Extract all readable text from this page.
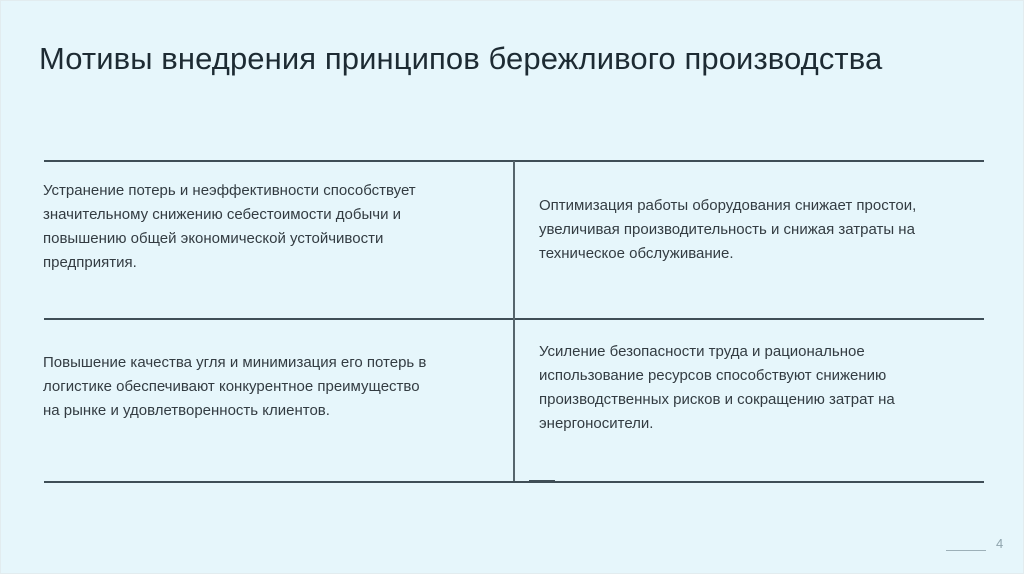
Мотивы внедрения принципов бережливого производства

Устранение потерь и неэффективности способствует
значительному снижению себестоимости добычи и
повышению общей экономической устойчивости
предприятия.

Оптимизация работы оборудования снижает простои,
увеличивая производительность и снижая затраты на
техническое обслуживание.

Повышение качества угля и минимизация его потерь в
логистике обеспечивают конкурентное преимущество
на рынке и удовлетворенность клиентов.

Усиление безопасности труда и рациональное
использование ресурсов способствуют снижению
производственных рисков и сокращению затрат на
энергоносители.

4
